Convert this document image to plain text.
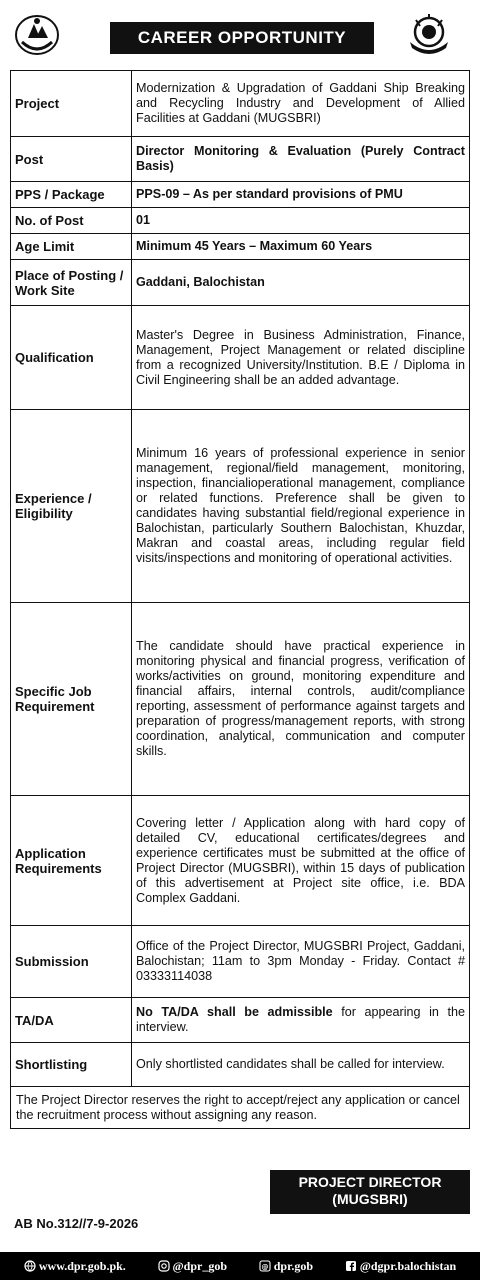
CAREER OPPORTUNITY
Project	Modernization & Upgradation of Gaddani Ship Breaking and Recycling Industry and Development of Allied Facilities at Gaddani (MUGSBRI)
Post	Director Monitoring & Evaluation (Purely Contract Basis)
PPS / Package	PPS-09 – As per standard provisions of PMU
No. of Post	01
Age Limit	Minimum 45 Years – Maximum 60 Years
Place of Posting / Work Site	Gaddani, Balochistan
Qualification	Master's Degree in Business Administration, Finance, Management, Project Management or related discipline from a recognized University/Institution. B.E / Diploma in Civil Engineering shall be an added advantage.
Experience / Eligibility	Minimum 16 years of professional experience in senior management, regional/field management, monitoring, inspection, financialioperational management, compliance or related functions. Preference shall be given to candidates having substantial field/regional experience in Balochistan, particularly Southern Balochistan, Khuzdar, Makran and coastal areas, including regular field visits/inspections and monitoring of operational activities.
Specific Job Requirement	The candidate should have practical experience in monitoring physical and financial progress, verification of works/activities on ground, monitoring expenditure and financial affairs, internal controls, audit/compliance reporting, assessment of performance against targets and preparation of progress/management reports, with strong coordination, analytical, communication and computer skills.
Application Requirements	Covering letter / Application along with hard copy of detailed CV, educational certificates/degrees and experience certificates must be submitted at the office of Project Director (MUGSBRI), within 15 days of publication of this advertisement at Project site office, i.e. BDA Complex Gaddani.
Submission	Office of the Project Director, MUGSBRI Project, Gaddani, Balochistan; 11am to 3pm Monday - Friday. Contact # 03333114038
TA/DA	No TA/DA shall be admissible for appearing in the interview.
Shortlisting	Only shortlisted candidates shall be called for interview.
The Project Director reserves the right to accept/reject any application or cancel the recruitment process without assigning any reason.	
PROJECT DIRECTOR
(MUGSBRI)
AB No.312//7-9-2026
www.dpr.gob.pk.	@dpr_gob	@ dpr.gob	@dgpr.balochistan
